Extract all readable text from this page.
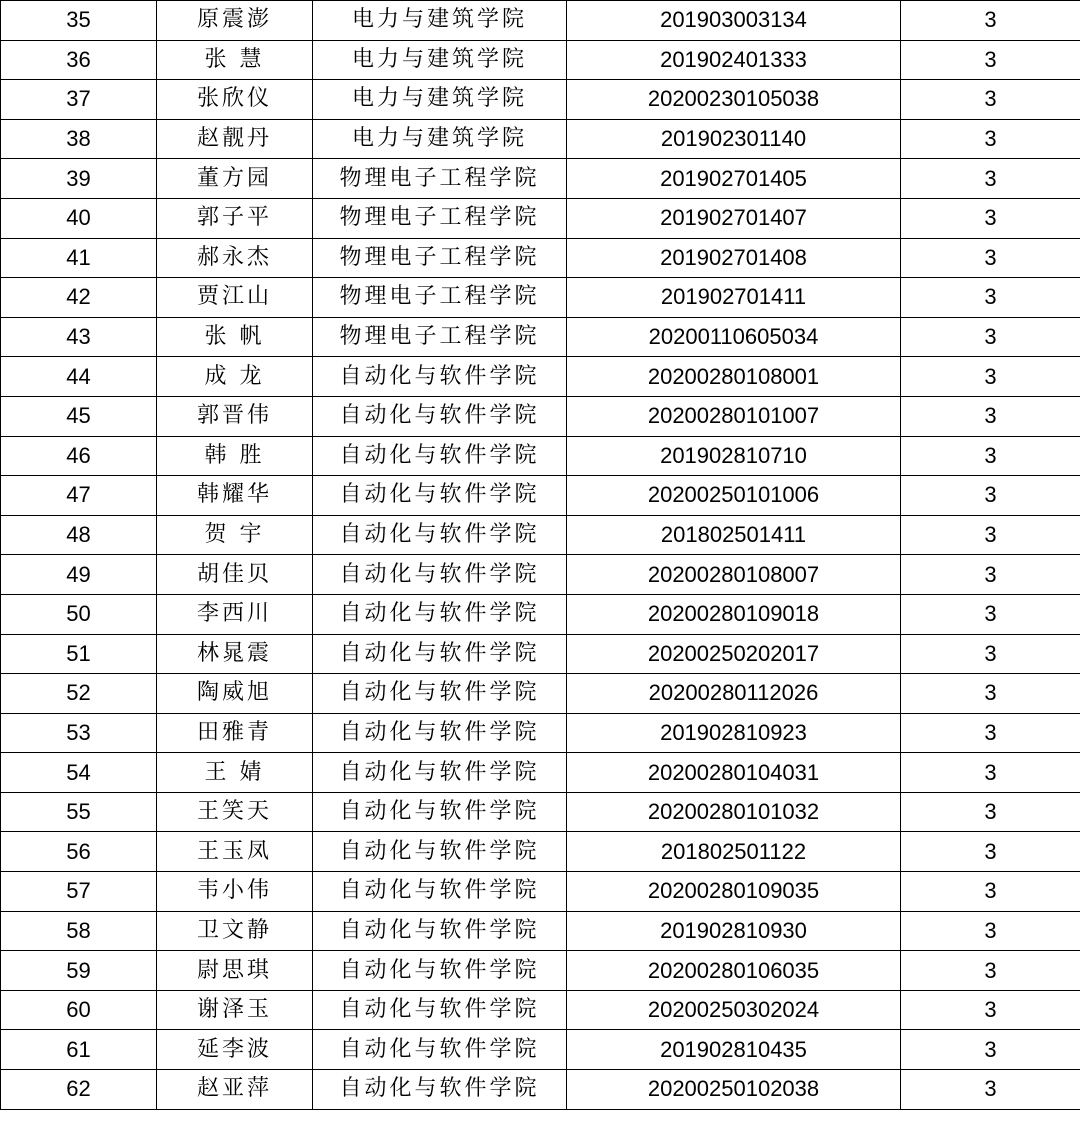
35	原震澎	电力与建筑学院	201903003134	3
36	张 慧	电力与建筑学院	201902401333	3
37	张欣仪	电力与建筑学院	20200230105038	3
38	赵靓丹	电力与建筑学院	201902301140	3
39	董方园	物理电子工程学院	201902701405	3
40	郭子平	物理电子工程学院	201902701407	3
41	郝永杰	物理电子工程学院	201902701408	3
42	贾江山	物理电子工程学院	201902701411	3
43	张 帆	物理电子工程学院	20200110605034	3
44	成 龙	自动化与软件学院	20200280108001	3
45	郭晋伟	自动化与软件学院	20200280101007	3
46	韩 胜	自动化与软件学院	201902810710	3
47	韩耀华	自动化与软件学院	20200250101006	3
48	贺 宇	自动化与软件学院	201802501411	3
49	胡佳贝	自动化与软件学院	20200280108007	3
50	李西川	自动化与软件学院	20200280109018	3
51	林晁震	自动化与软件学院	20200250202017	3
52	陶威旭	自动化与软件学院	20200280112026	3
53	田雅青	自动化与软件学院	201902810923	3
54	王 婧	自动化与软件学院	20200280104031	3
55	王笑天	自动化与软件学院	20200280101032	3
56	王玉凤	自动化与软件学院	201802501122	3
57	韦小伟	自动化与软件学院	20200280109035	3
58	卫文静	自动化与软件学院	201902810930	3
59	尉思琪	自动化与软件学院	20200280106035	3
60	谢泽玉	自动化与软件学院	20200250302024	3
61	延李波	自动化与软件学院	201902810435	3
62	赵亚萍	自动化与软件学院	20200250102038	3
